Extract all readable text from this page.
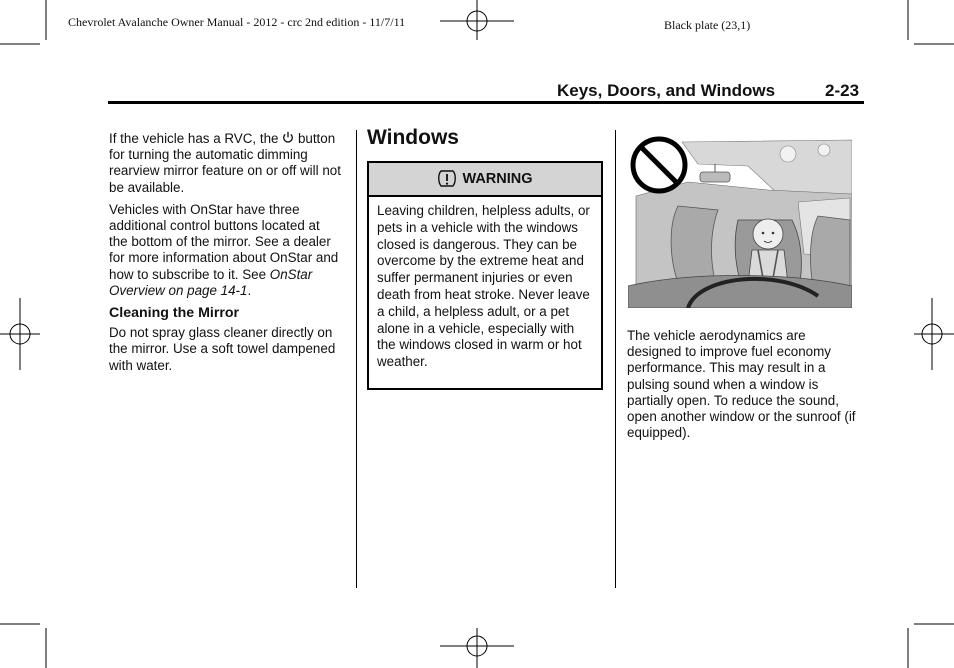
Chevrolet Avalanche Owner Manual - 2012 - crc 2nd edition - 11/7/11	Black plate (23,1)
Keys, Doors, and Windows	2-23

If the vehicle has a RVC, the button for turning the automatic dimming rearview mirror feature on or off will not be available.

Vehicles with OnStar have three additional control buttons located at the bottom of the mirror. See a dealer for more information about OnStar and how to subscribe to it. See OnStar Overview on page 14-1.

Cleaning the Mirror

Do not spray glass cleaner directly on the mirror. Use a soft towel dampened with water.

Windows
WARNING
Leaving children, helpless adults, or pets in a vehicle with the windows closed is dangerous. They can be overcome by the extreme heat and suffer permanent injuries or even death from heat stroke. Never leave a child, a helpless adult, or a pet alone in a vehicle, especially with the windows closed in warm or hot weather.

The vehicle aerodynamics are designed to improve fuel economy performance. This may result in a pulsing sound when a window is partially open. To reduce the sound, open another window or the sunroof (if equipped).
